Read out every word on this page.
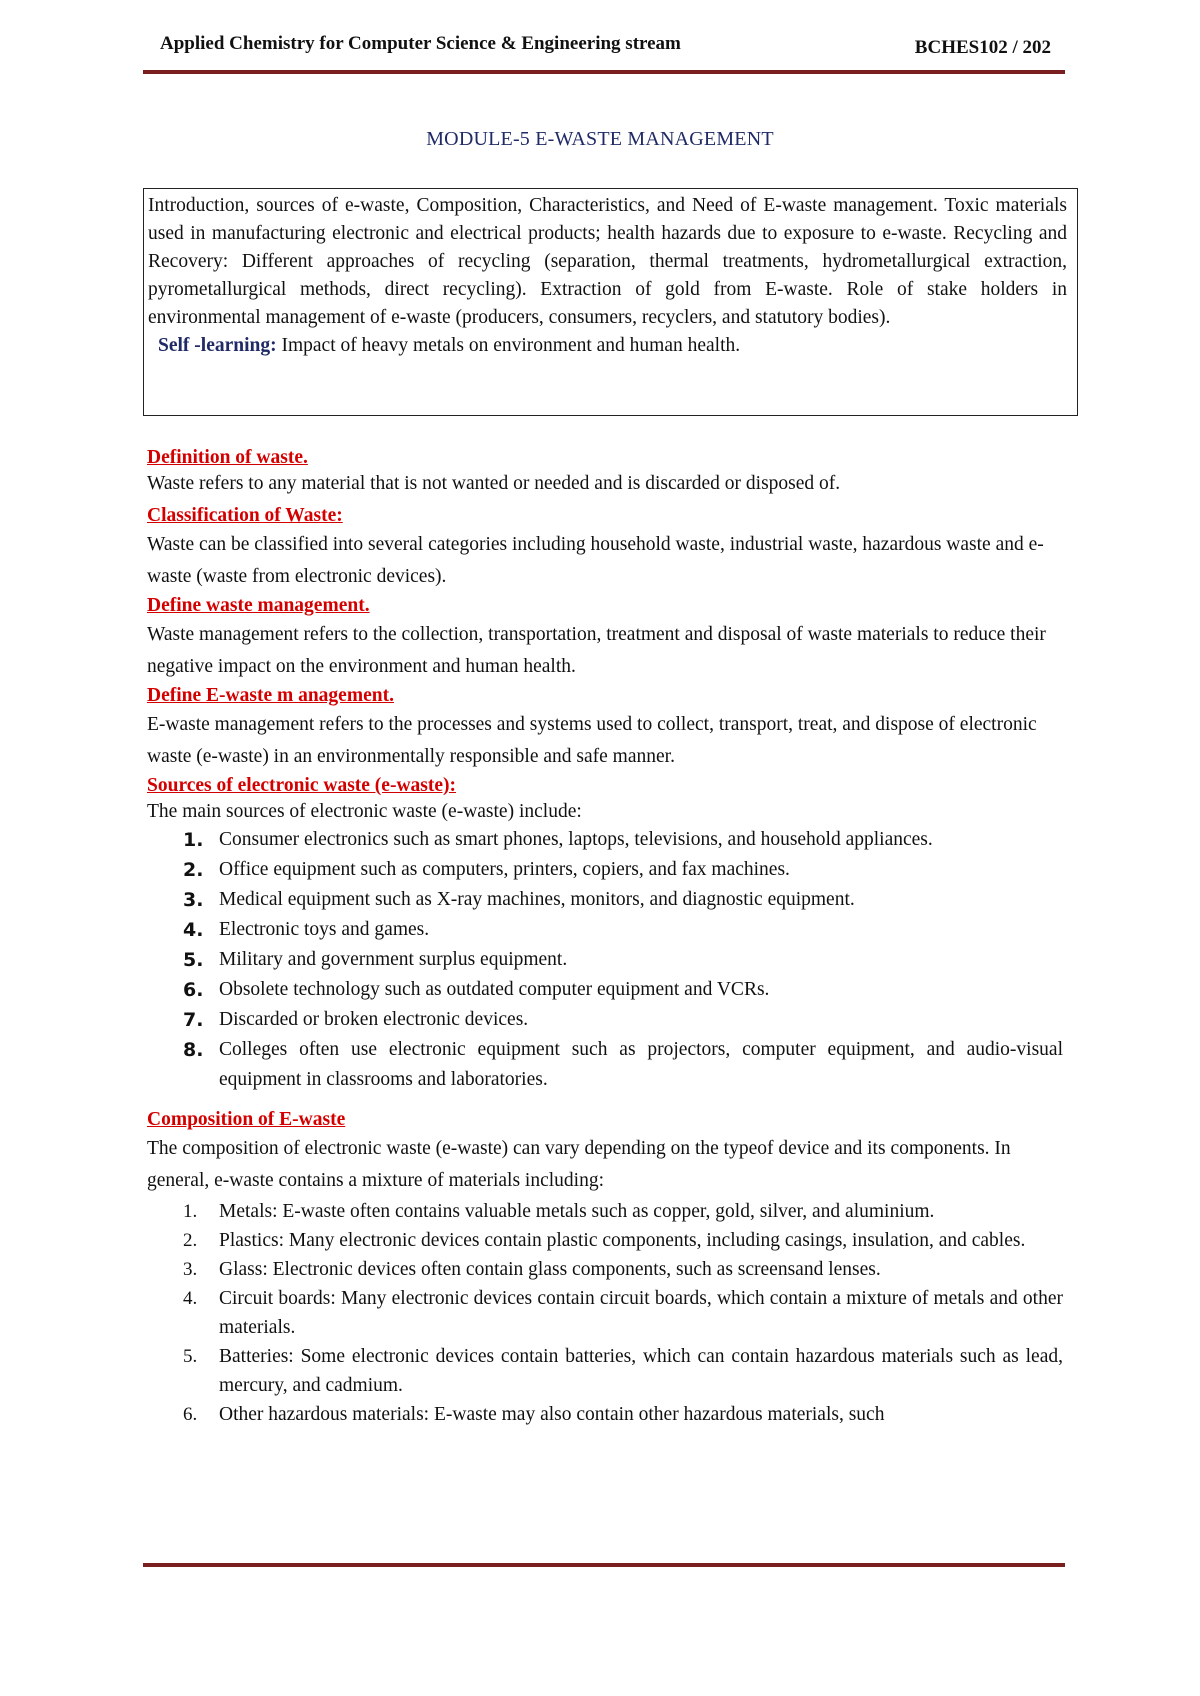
Applied Chemistry for Computer Science & Engineering stream	BCHES102 / 202
MODULE-5 E-WASTE MANAGEMENT

Introduction, sources of e-waste, Composition, Characteristics, and Need of E-waste management. Toxic materials used in manufacturing electronic and electrical products; health hazards due to exposure to e-waste. Recycling and Recovery: Different approaches of recycling (separation, thermal treatments, hydrometallurgical extraction, pyrometallurgical methods, direct recycling). Extraction of gold from E-waste. Role of stake holders in environmental management of e-waste (producers, consumers, recyclers, and statutory bodies).

Self -learning: Impact of heavy metals on environment and human health.

Definition of waste.

Waste refers to any material that is not wanted or needed and is discarded or disposed of.

Classification of Waste:

Waste can be classified into several categories including household waste, industrial waste, hazardous waste and e-waste (waste from electronic devices).

Define waste management.

Waste management refers to the collection, transportation, treatment and disposal of waste materials to reduce their negative impact on the environment and human health.

Define E-waste m anagement.

E-waste management refers to the processes and systems used to collect, transport, treat, and dispose of electronic waste (e-waste) in an environmentally responsible and safe manner.

Sources of electronic waste (e-waste):

The main sources of electronic waste (e-waste) include:

1. Consumer electronics such as smart phones, laptops, televisions, and household appliances.
2. Office equipment such as computers, printers, copiers, and fax machines.
3. Medical equipment such as X-ray machines, monitors, and diagnostic equipment.
4. Electronic toys and games.
5. Military and government surplus equipment.
6. Obsolete technology such as outdated computer equipment and VCRs.
7. Discarded or broken electronic devices.
8. Colleges often use electronic equipment such as projectors, computer equipment, and audio-visual equipment in classrooms and laboratories.

Composition of E-waste

The composition of electronic waste (e-waste) can vary depending on the typeof device and its components. In general, e-waste contains a mixture of materials including:

1. Metals: E-waste often contains valuable metals such as copper, gold, silver, and aluminium.
2. Plastics: Many electronic devices contain plastic components, including casings, insulation, and cables.
3. Glass: Electronic devices often contain glass components, such as screensand lenses.
4. Circuit boards: Many electronic devices contain circuit boards, which contain a mixture of metals and other materials.
5. Batteries: Some electronic devices contain batteries, which can contain hazardous materials such as lead, mercury, and cadmium.
6. Other hazardous materials: E-waste may also contain other hazardous materials, such
